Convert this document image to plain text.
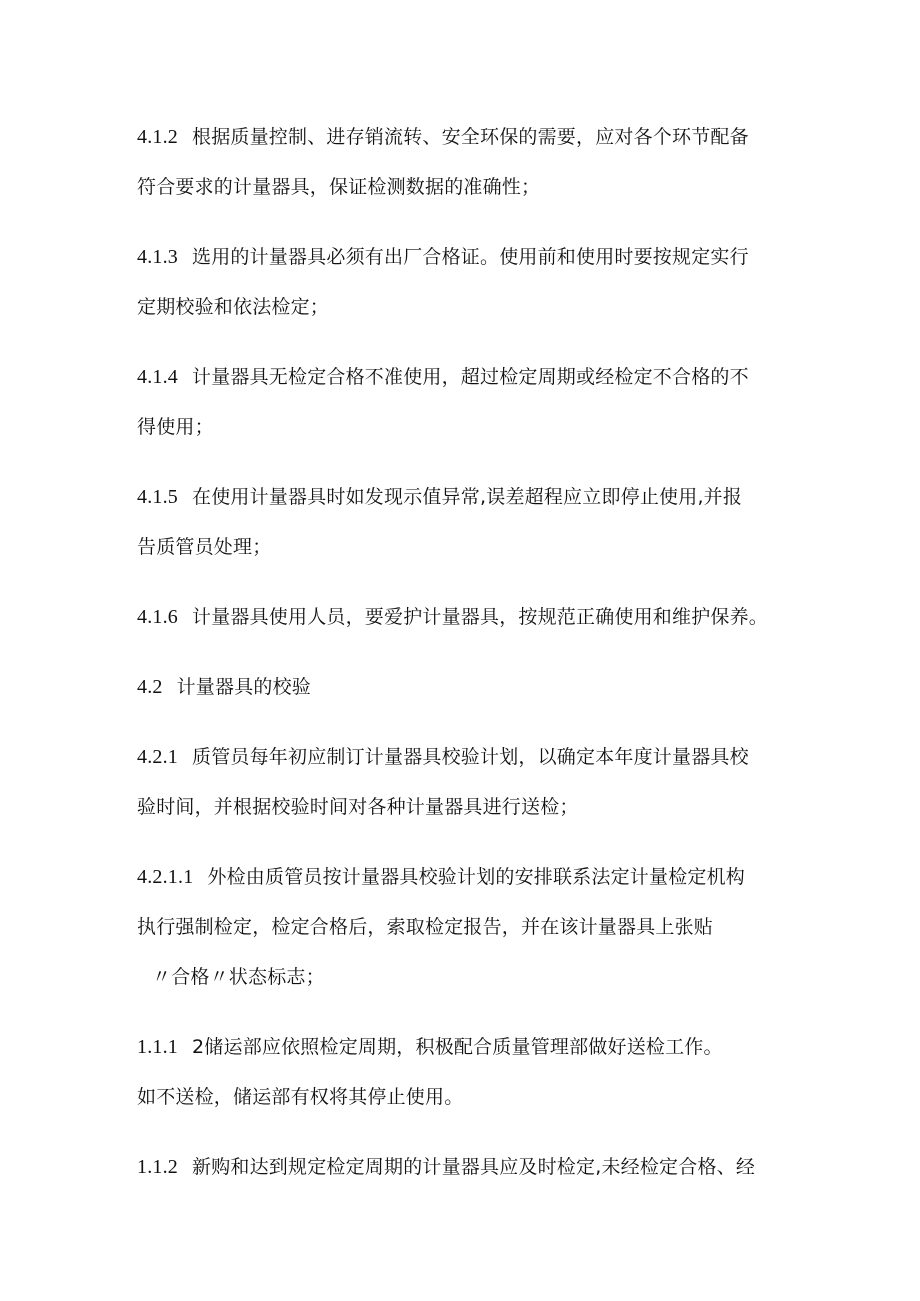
4.1.2 根据质量控制、进存销流转、安全环保的需要，应对各个环节配备
符合要求的计量器具，保证检测数据的准确性；
4.1.3 选用的计量器具必须有出厂合格证。使用前和使用时要按规定实行
定期校验和依法检定；
4.1.4 计量器具无检定合格不准使用，超过检定周期或经检定不合格的不
得使用；
4.1.5 在使用计量器具时如发现示值异常,误差超程应立即停止使用,并报
告质管员处理；
4.1.6 计量器具使用人员，要爱护计量器具，按规范正确使用和维护保养。
4.2 计量器具的校验
4.2.1 质管员每年初应制订计量器具校验计划，以确定本年度计量器具校
验时间，并根据校验时间对各种计量器具进行送检；
4.2.1.1 外检由质管员按计量器具校验计划的安排联系法定计量检定机构
执行强制检定，检定合格后，索取检定报告，并在该计量器具上张贴
〃合格〃状态标志；
1.1.1 2储运部应依照检定周期，积极配合质量管理部做好送检工作。
如不送检，储运部有权将其停止使用。
1.1.2 新购和达到规定检定周期的计量器具应及时检定,未经检定合格、经
